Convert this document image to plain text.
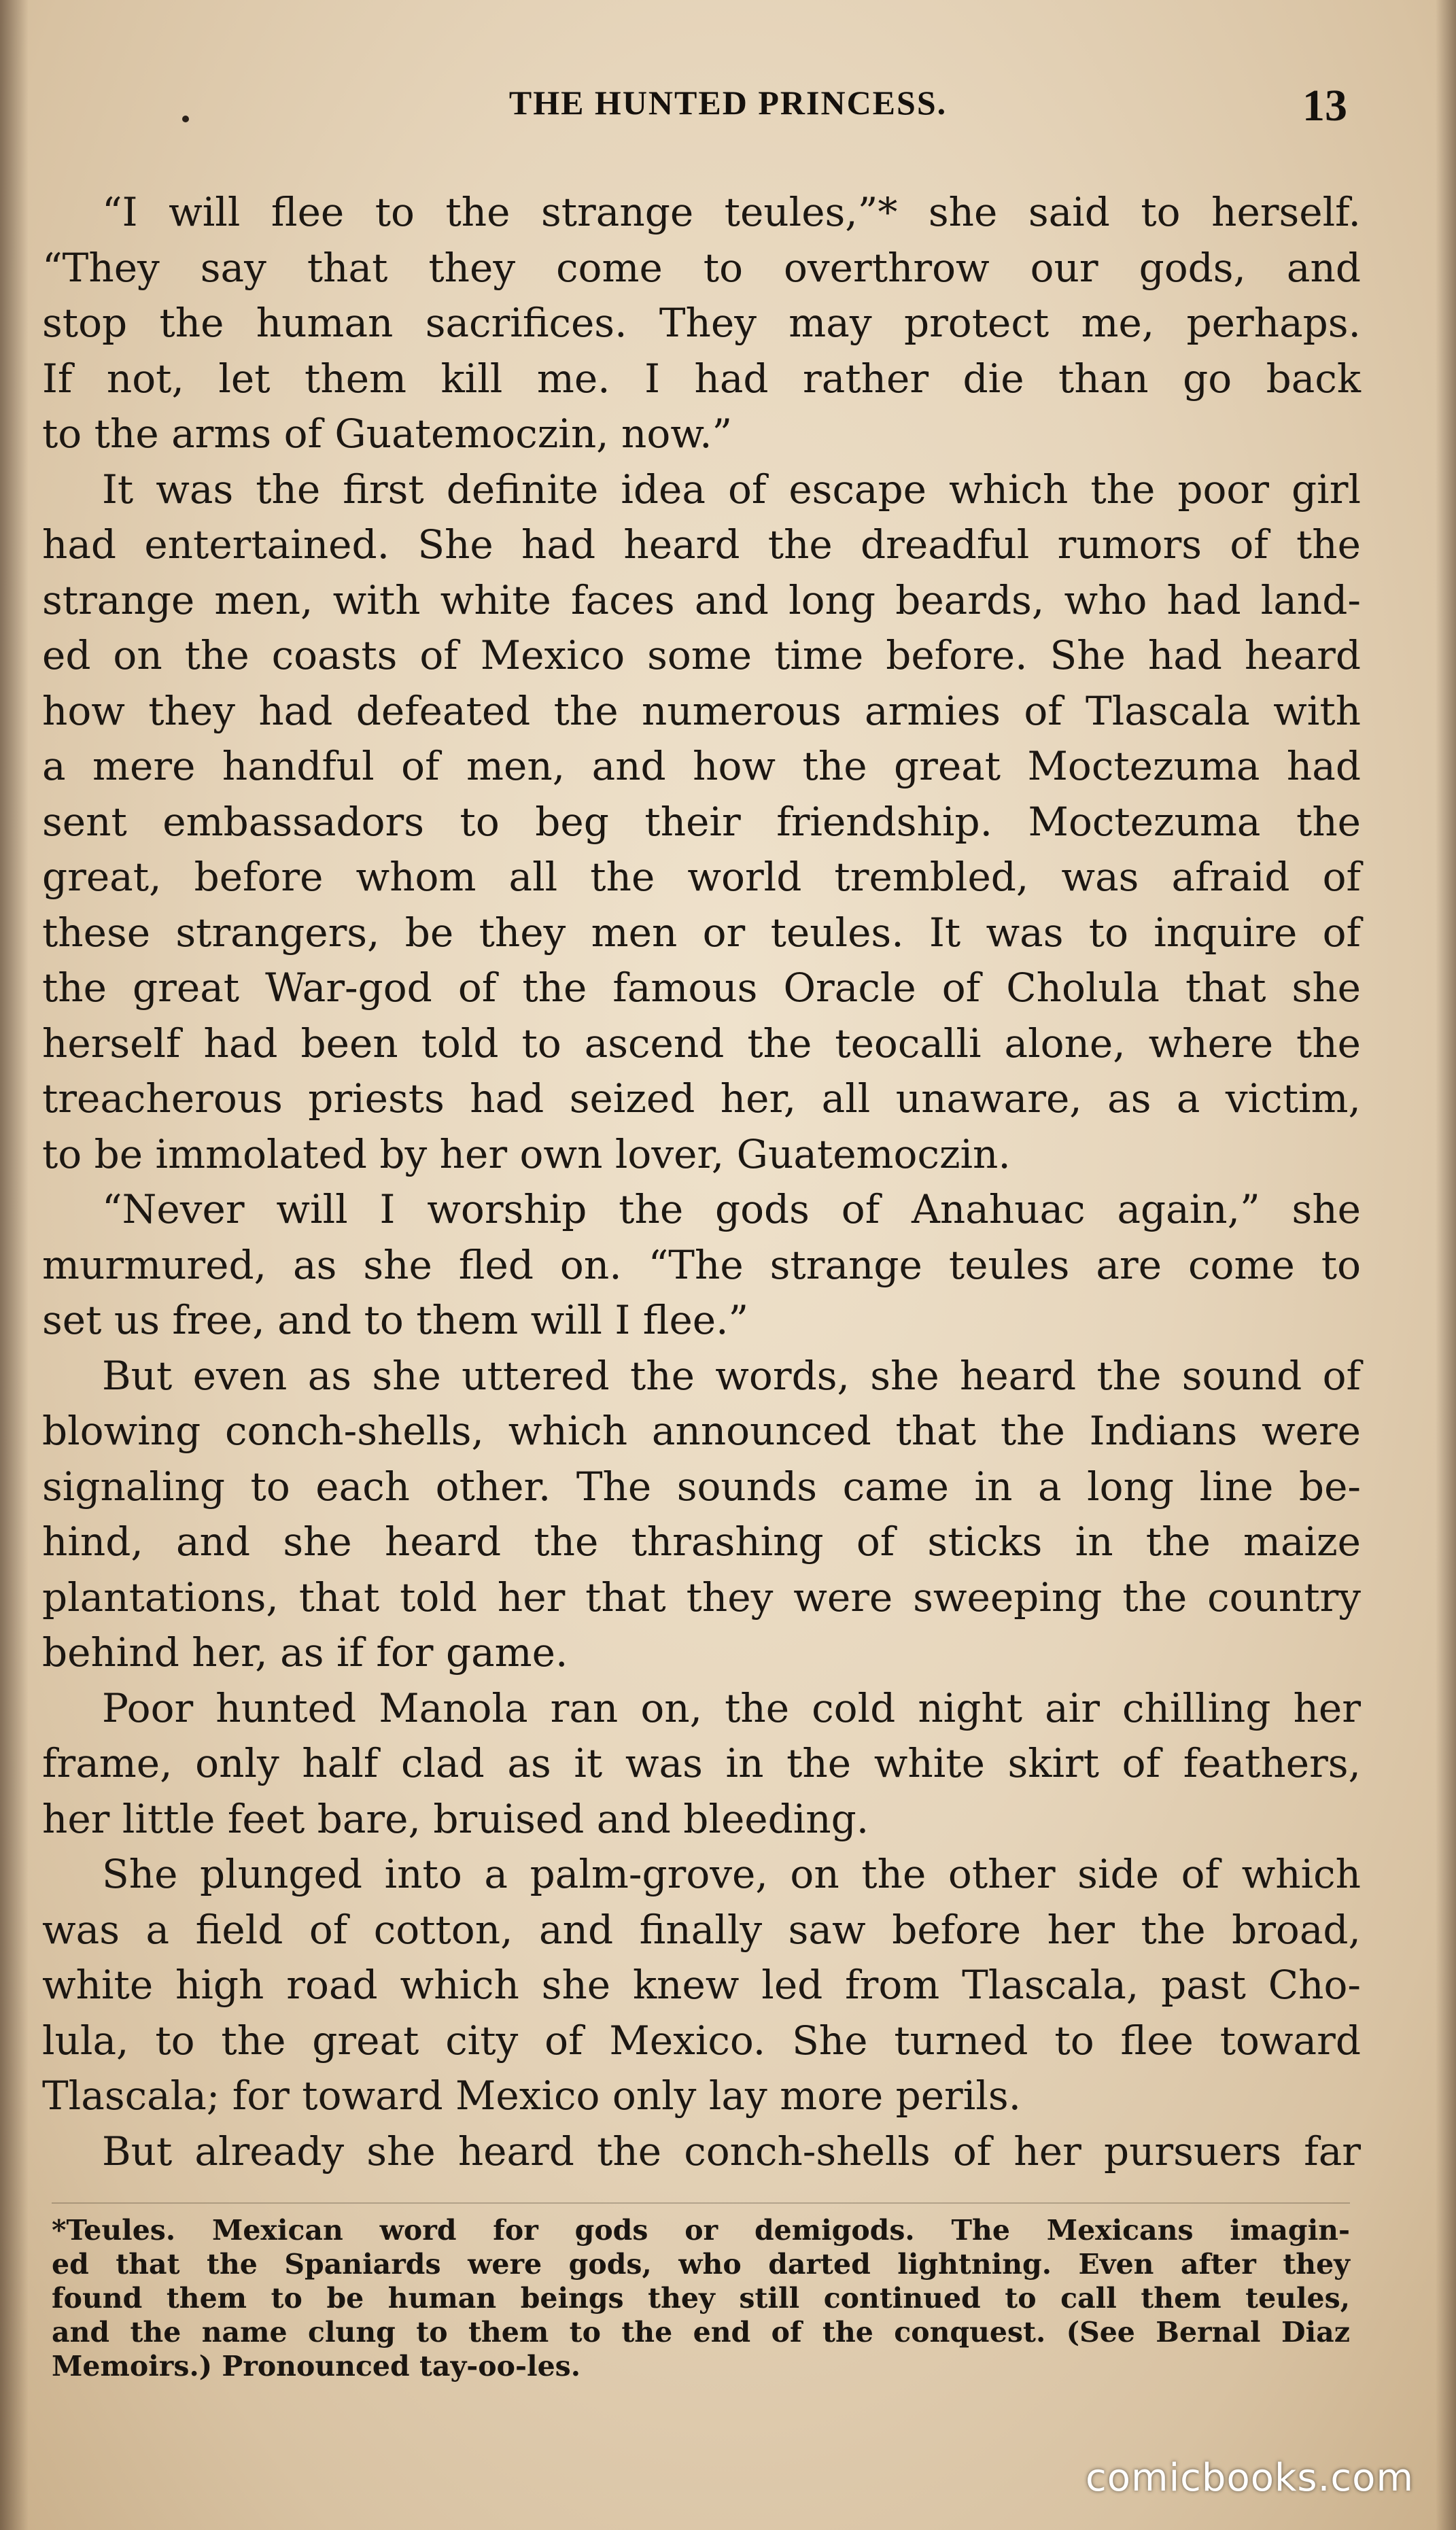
THE HUNTED PRINCESS.	13
“I will flee to the strange teules,”* she said to herself.
“They say that they come to overthrow our gods, and
stop the human sacrifices. They may protect me, perhaps.
If not, let them kill me. I had rather die than go back
to the arms of Guatemoczin, now.”
It was the first definite idea of escape which the poor girl
had entertained. She had heard the dreadful rumors of the
strange men, with white faces and long beards, who had land-
ed on the coasts of Mexico some time before. She had heard
how they had defeated the numerous armies of Tlascala with
a mere handful of men, and how the great Moctezuma had
sent embassadors to beg their friendship. Moctezuma the
great, before whom all the world trembled, was afraid of
these strangers, be they men or teules. It was to inquire of
the great War-god of the famous Oracle of Cholula that she
herself had been told to ascend the teocalli alone, where the
treacherous priests had seized her, all unaware, as a victim,
to be immolated by her own lover, Guatemoczin.
“Never will I worship the gods of Anahuac again,” she
murmured, as she fled on. “The strange teules are come to
set us free, and to them will I flee.”
But even as she uttered the words, she heard the sound of
blowing conch-shells, which announced that the Indians were
signaling to each other. The sounds came in a long line be-
hind, and she heard the thrashing of sticks in the maize
plantations, that told her that they were sweeping the country
behind her, as if for game.
Poor hunted Manola ran on, the cold night air chilling her
frame, only half clad as it was in the white skirt of feathers,
her little feet bare, bruised and bleeding.
She plunged into a palm-grove, on the other side of which
was a field of cotton, and finally saw before her the broad,
white high road which she knew led from Tlascala, past Cho-
lula, to the great city of Mexico. She turned to flee toward
Tlascala; for toward Mexico only lay more perils.
But already she heard the conch-shells of her pursuers far
*Teules. Mexican word for gods or demigods. The Mexicans imagin-
ed that the Spaniards were gods, who darted lightning. Even after they
found them to be human beings they still continued to call them teules,
and the name clung to them to the end of the conquest. (See Bernal Diaz
Memoirs.) Pronounced tay-oo-les.
comicbooks.com
